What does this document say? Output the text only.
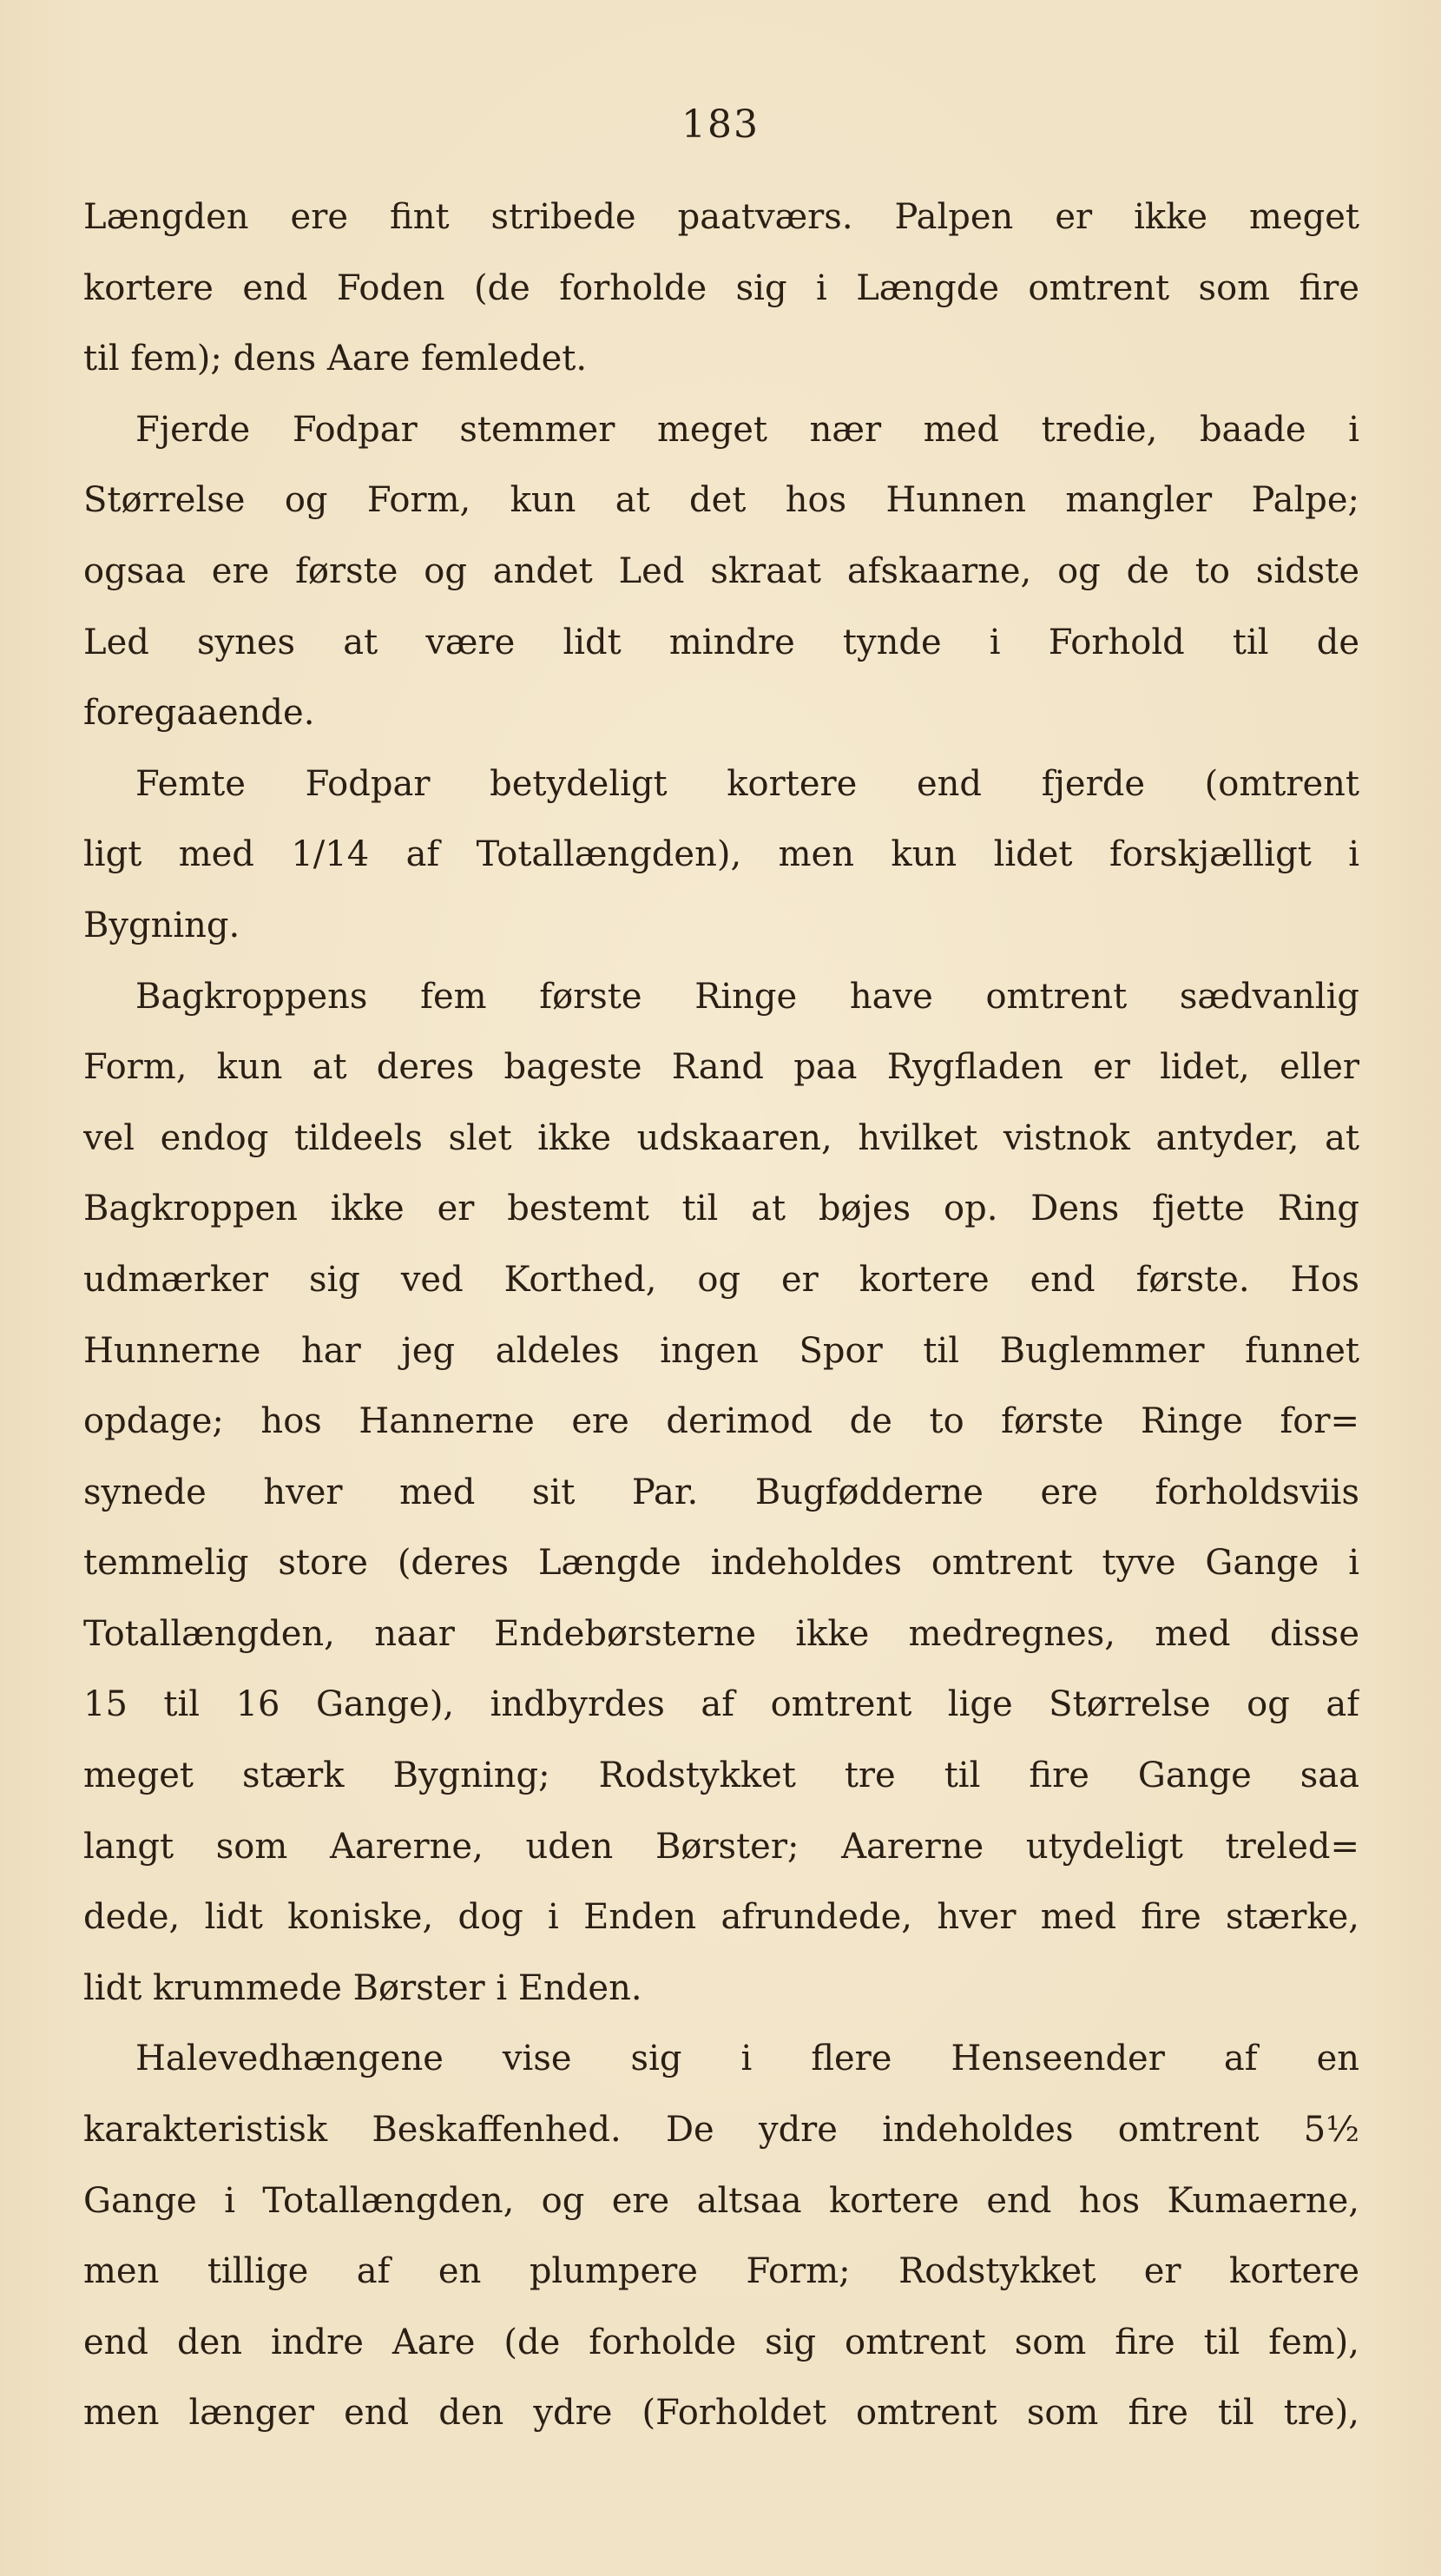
183
Længden ere fint stribede paatværs. Palpen er ikke meget
kortere end Foden (de forholde sig i Længde omtrent som fire
til fem); dens Aare femledet.
Fjerde Fodpar stemmer meget nær med tredie, baade i
Størrelse og Form, kun at det hos Hunnen mangler Palpe;
ogsaa ere første og andet Led skraat afskaarne, og de to sidste
Led synes at være lidt mindre tynde i Forhold til de
foregaaende.
Femte Fodpar betydeligt kortere end fjerde (omtrent
ligt med 1/14 af Totallængden), men kun lidet forskjælligt i
Bygning.
Bagkroppens fem første Ringe have omtrent sædvanlig
Form, kun at deres bageste Rand paa Rygfladen er lidet, eller
vel endog tildeels slet ikke udskaaren, hvilket vistnok antyder, at
Bagkroppen ikke er bestemt til at bøjes op. Dens fjette Ring
udmærker sig ved Korthed, og er kortere end første. Hos
Hunnerne har jeg aldeles ingen Spor til Buglemmer funnet
opdage; hos Hannerne ere derimod de to første Ringe for=
synede hver med sit Par. Bugfødderne ere forholdsviis
temmelig store (deres Længde indeholdes omtrent tyve Gange i
Totallængden, naar Endebørsterne ikke medregnes, med disse
15 til 16 Gange), indbyrdes af omtrent lige Størrelse og af
meget stærk Bygning; Rodstykket tre til fire Gange saa
langt som Aarerne, uden Børster; Aarerne utydeligt treled=
dede, lidt koniske, dog i Enden afrundede, hver med fire stærke,
lidt krummede Børster i Enden.
Halevedhængene vise sig i flere Henseender af en
karakteristisk Beskaffenhed. De ydre indeholdes omtrent 5½
Gange i Totallængden, og ere altsaa kortere end hos Kumaerne,
men tillige af en plumpere Form; Rodstykket er kortere
end den indre Aare (de forholde sig omtrent som fire til fem),
men længer end den ydre (Forholdet omtrent som fire til tre),
